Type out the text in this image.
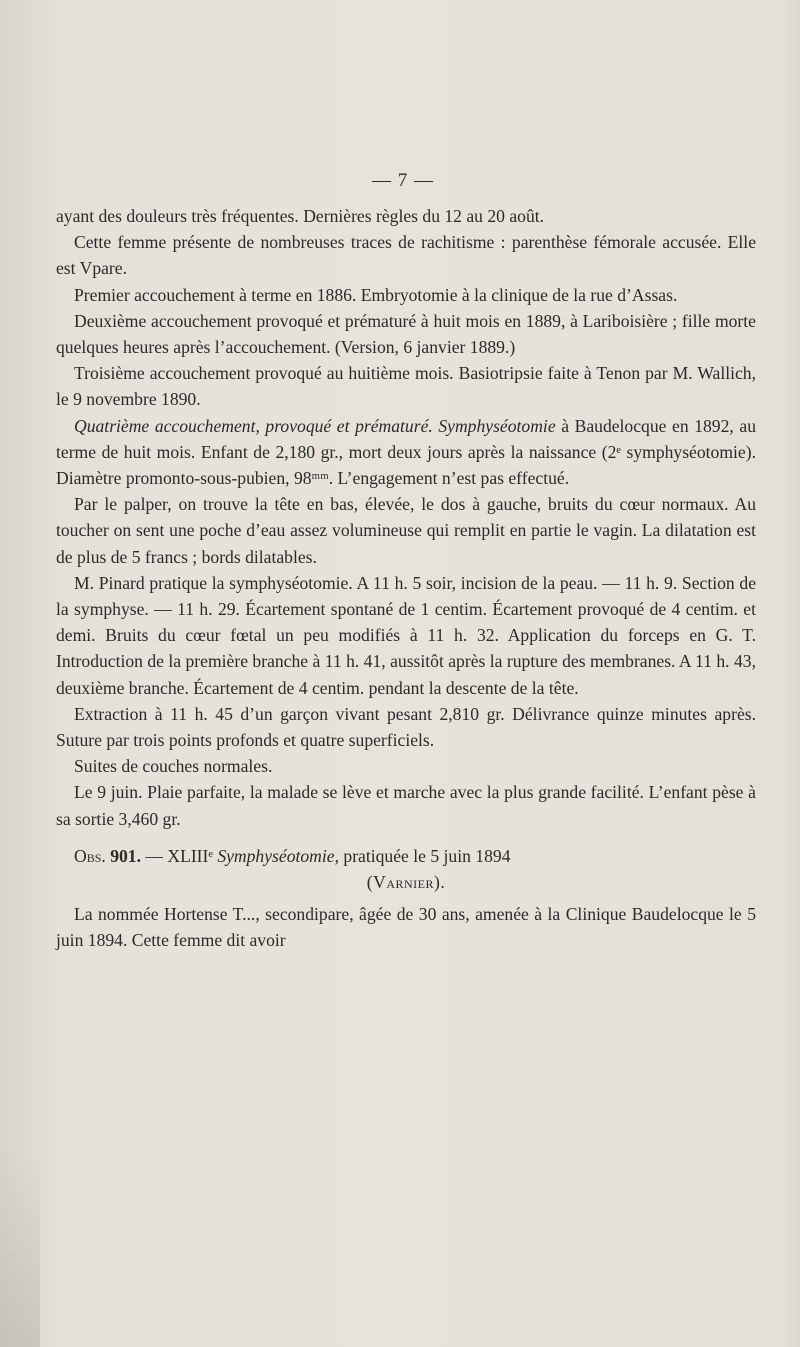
— 7 —

ayant des douleurs très fréquentes. Dernières règles du 12 au 20 août.

Cette femme présente de nombreuses traces de rachitisme : parenthèse fémorale accusée. Elle est Vpare.

Premier accouchement à terme en 1886. Embryotomie à la clinique de la rue d’Assas.

Deuxième accouchement provoqué et prématuré à huit mois en 1889, à Lariboisière ; fille morte quelques heures après l’accouchement. (Version, 6 janvier 1889.)

Troisième accouchement provoqué au huitième mois. Basiotripsie faite à Tenon par M. Wallich, le 9 novembre 1890.

Quatrième accouchement, provoqué et prématuré. Symphyséotomie à Baudelocque en 1892, au terme de huit mois. Enfant de 2,180 gr., mort deux jours après la naissance (2ᵉ symphyséotomie). Diamètre promonto-sous-pubien, 98ᵐᵐ. L’engagement n’est pas effectué.

Par le palper, on trouve la tête en bas, élevée, le dos à gauche, bruits du cœur normaux. Au toucher on sent une poche d’eau assez volumineuse qui remplit en partie le vagin. La dilatation est de plus de 5 francs ; bords dilatables.

M. Pinard pratique la symphyséotomie. A 11 h. 5 soir, incision de la peau. — 11 h. 9. Section de la symphyse. — 11 h. 29. Écartement spontané de 1 centim. Écartement provoqué de 4 centim. et demi. Bruits du cœur fœtal un peu modifiés à 11 h. 32. Application du forceps en G. T. Introduction de la première branche à 11 h. 41, aussitôt après la rupture des membranes. A 11 h. 43, deuxième branche. Écartement de 4 centim. pendant la descente de la tête.

Extraction à 11 h. 45 d’un garçon vivant pesant 2,810 gr. Délivrance quinze minutes après. Suture par trois points profonds et quatre superficiels.

Suites de couches normales.

Le 9 juin. Plaie parfaite, la malade se lève et marche avec la plus grande facilité. L’enfant pèse à sa sortie 3,460 gr.

Obs. 901. — XLIIIᵉ Symphyséotomie, pratiquée le 5 juin 1894

(Varnier).

La nommée Hortense T..., secondipare, âgée de 30 ans, amenée à la Clinique Baudelocque le 5 juin 1894. Cette femme dit avoir
